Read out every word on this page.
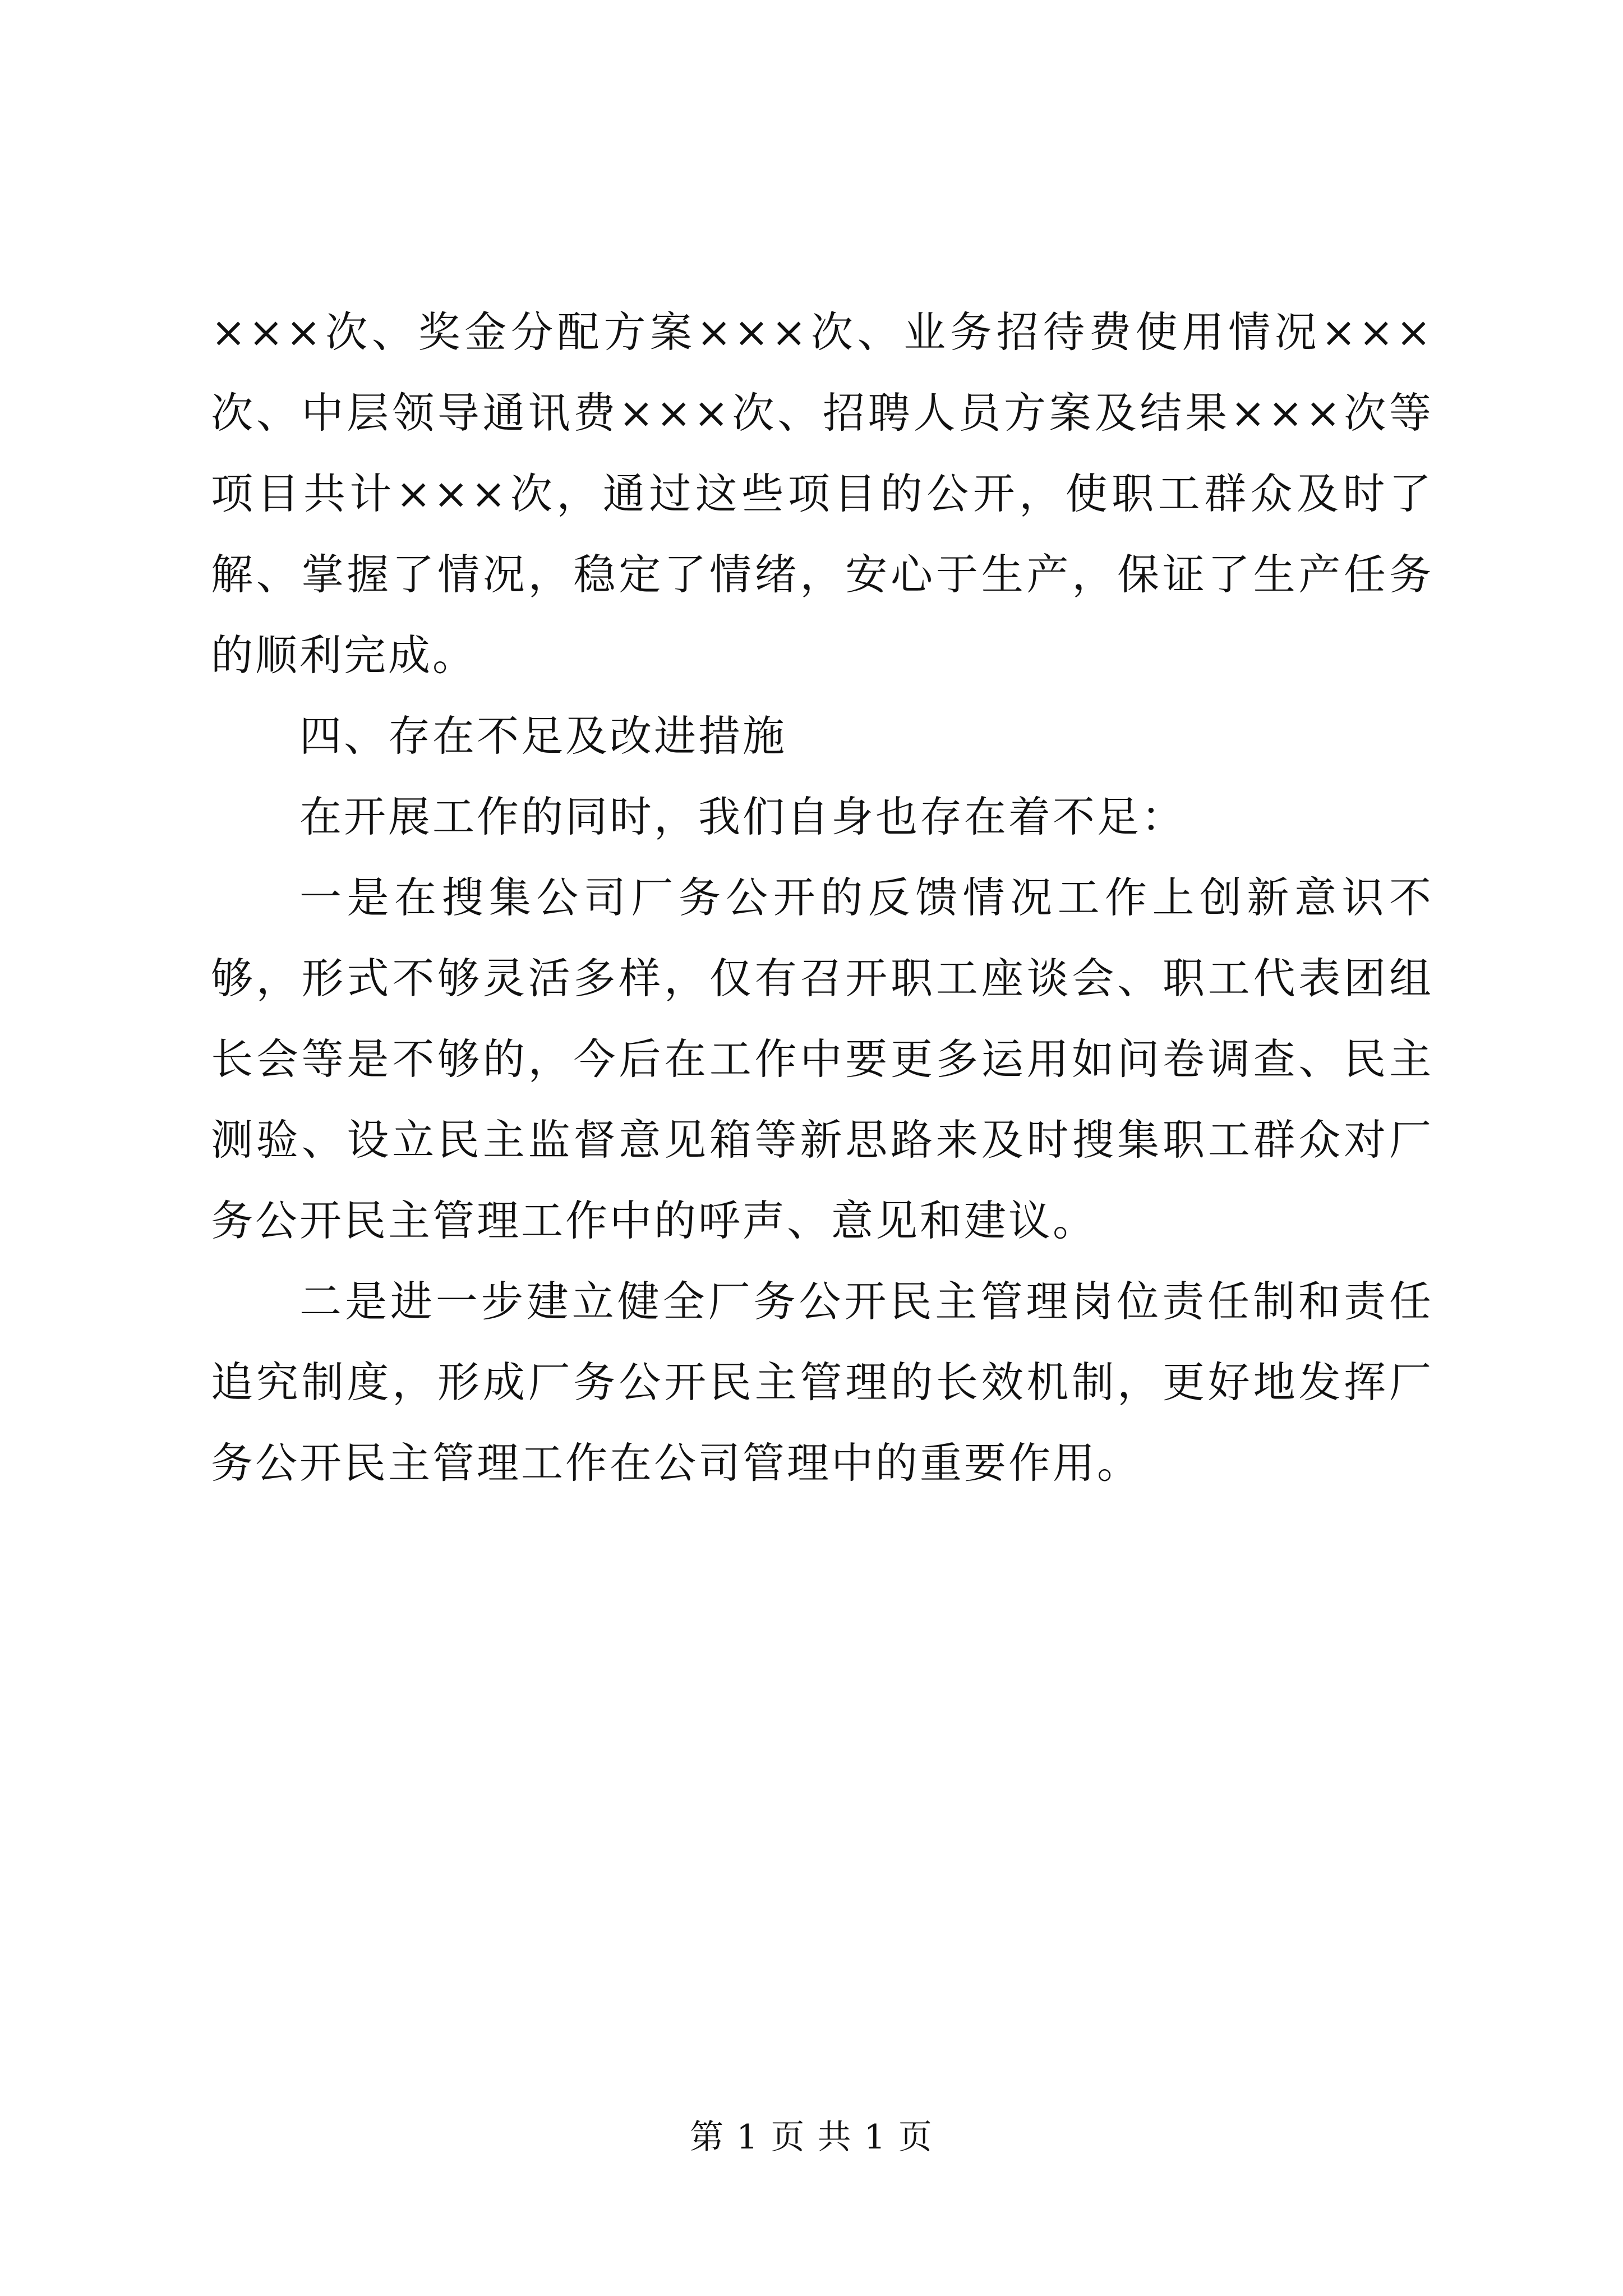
×××次、奖金分配方案×××次、业务招待费使用情况×××次、中层领导通讯费×××次、招聘人员方案及结果×××次等项目共计×××次，通过这些项目的公开，使职工群众及时了解、掌握了情况，稳定了情绪，安心于生产，保证了生产任务的顺利完成。

四、存在不足及改进措施

在开展工作的同时，我们自身也存在着不足：

一是在搜集公司厂务公开的反馈情况工作上创新意识不够，形式不够灵活多样，仅有召开职工座谈会、职工代表团组长会等是不够的，今后在工作中要更多运用如问卷调查、民主测验、设立民主监督意见箱等新思路来及时搜集职工群众对厂务公开民主管理工作中的呼声、意见和建议。

二是进一步建立健全厂务公开民主管理岗位责任制和责任追究制度，形成厂务公开民主管理的长效机制，更好地发挥厂务公开民主管理工作在公司管理中的重要作用。

第 1 页 共 1 页
